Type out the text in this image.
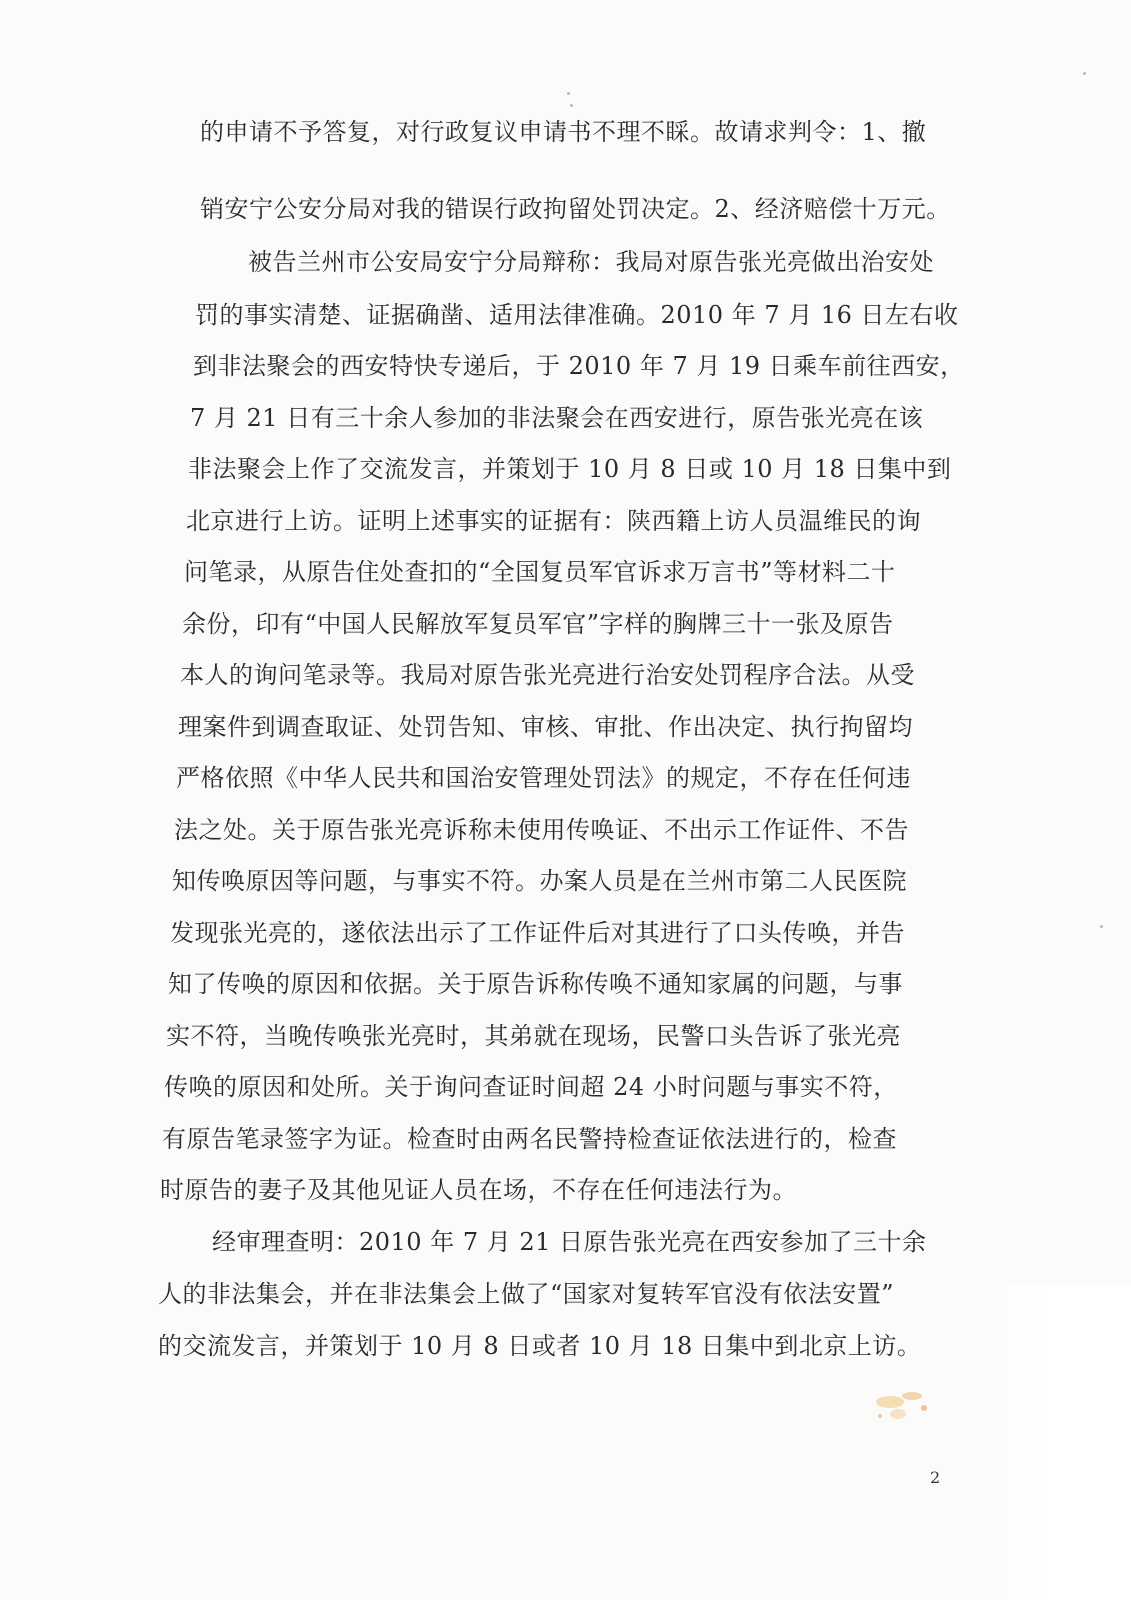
的申请不予答复，对行政复议申请书不理不睬。故请求判令：1、撤
销安宁公安分局对我的错误行政拘留处罚决定。2、经济赔偿十万元。
被告兰州市公安局安宁分局辩称：我局对原告张光亮做出治安处
罚的事实清楚、证据确凿、适用法律准确。2010 年 7 月 16 日左右收
到非法聚会的西安特快专递后，于 2010 年 7 月 19 日乘车前往西安，
7 月 21 日有三十余人参加的非法聚会在西安进行，原告张光亮在该
非法聚会上作了交流发言，并策划于 10 月 8 日或 10 月 18 日集中到
北京进行上访。证明上述事实的证据有：陕西籍上访人员温维民的询
问笔录，从原告住处查扣的“全国复员军官诉求万言书”等材料二十
余份，印有“中国人民解放军复员军官”字样的胸牌三十一张及原告
本人的询问笔录等。我局对原告张光亮进行治安处罚程序合法。从受
理案件到调查取证、处罚告知、审核、审批、作出决定、执行拘留均
严格依照《中华人民共和国治安管理处罚法》的规定，不存在任何违
法之处。关于原告张光亮诉称未使用传唤证、不出示工作证件、不告
知传唤原因等问题，与事实不符。办案人员是在兰州市第二人民医院
发现张光亮的，遂依法出示了工作证件后对其进行了口头传唤，并告
知了传唤的原因和依据。关于原告诉称传唤不通知家属的问题，与事
实不符，当晚传唤张光亮时，其弟就在现场，民警口头告诉了张光亮
传唤的原因和处所。关于询问查证时间超 24 小时问题与事实不符，
有原告笔录签字为证。检查时由两名民警持检查证依法进行的，检查
时原告的妻子及其他见证人员在场，不存在任何违法行为。
经审理查明：2010 年 7 月 21 日原告张光亮在西安参加了三十余
人的非法集会，并在非法集会上做了“国家对复转军官没有依法安置”
的交流发言，并策划于 10 月 8 日或者 10 月 18 日集中到北京上访。
2
